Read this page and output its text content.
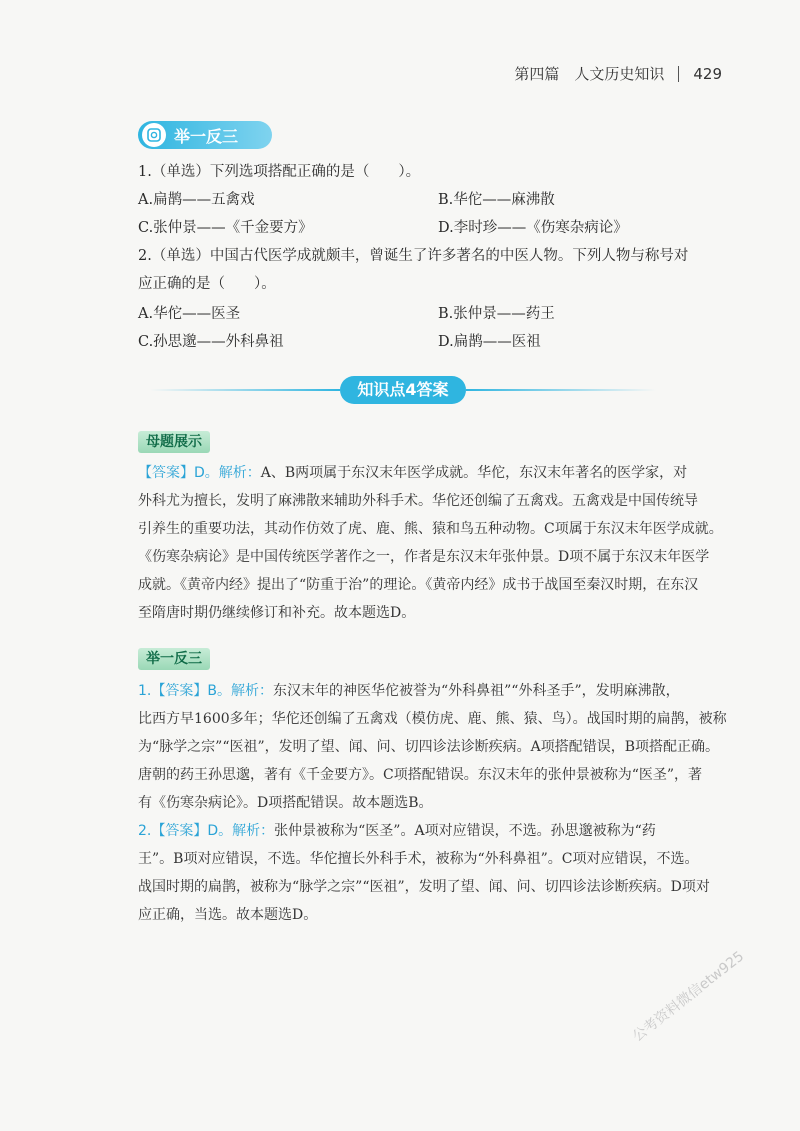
第四篇　人文历史知识 429
举一反三
1.（单选）下列选项搭配正确的是（　　）。
A.扁鹊——五禽戏	B.华佗——麻沸散
C.张仲景——《千金要方》	D.李时珍——《伤寒杂病论》
2.（单选）中国古代医学成就颇丰，曾诞生了许多著名的中医人物。下列人物与称号对
应正确的是（　　）。
A.华佗——医圣	B.张仲景——药王
C.孙思邈——外科鼻祖	D.扁鹊——医祖
知识点4答案
母题展示
【答案】D。解析：A、B两项属于东汉末年医学成就。华佗，东汉末年著名的医学家，对
外科尤为擅长，发明了麻沸散来辅助外科手术。华佗还创编了五禽戏。五禽戏是中国传统导
引养生的重要功法，其动作仿效了虎、鹿、熊、猿和鸟五种动物。C项属于东汉末年医学成就。
《伤寒杂病论》是中国传统医学著作之一，作者是东汉末年张仲景。D项不属于东汉末年医学
成就。《黄帝内经》提出了“防重于治”的理论。《黄帝内经》成书于战国至秦汉时期，在东汉
至隋唐时期仍继续修订和补充。故本题选D。
举一反三
1.【答案】B。解析：东汉末年的神医华佗被誉为“外科鼻祖”“外科圣手”，发明麻沸散，
比西方早1600多年；华佗还创编了五禽戏（模仿虎、鹿、熊、猿、鸟）。战国时期的扁鹊，被称
为“脉学之宗”“医祖”，发明了望、闻、问、切四诊法诊断疾病。A项搭配错误，B项搭配正确。
唐朝的药王孙思邈，著有《千金要方》。C项搭配错误。东汉末年的张仲景被称为“医圣”，著
有《伤寒杂病论》。D项搭配错误。故本题选B。
2.【答案】D。解析：张仲景被称为“医圣”。A项对应错误，不选。孙思邈被称为“药
王”。B项对应错误，不选。华佗擅长外科手术，被称为“外科鼻祖”。C项对应错误，不选。
战国时期的扁鹊，被称为“脉学之宗”“医祖”，发明了望、闻、问、切四诊法诊断疾病。D项对
应正确，当选。故本题选D。
公考资料微信etw925
